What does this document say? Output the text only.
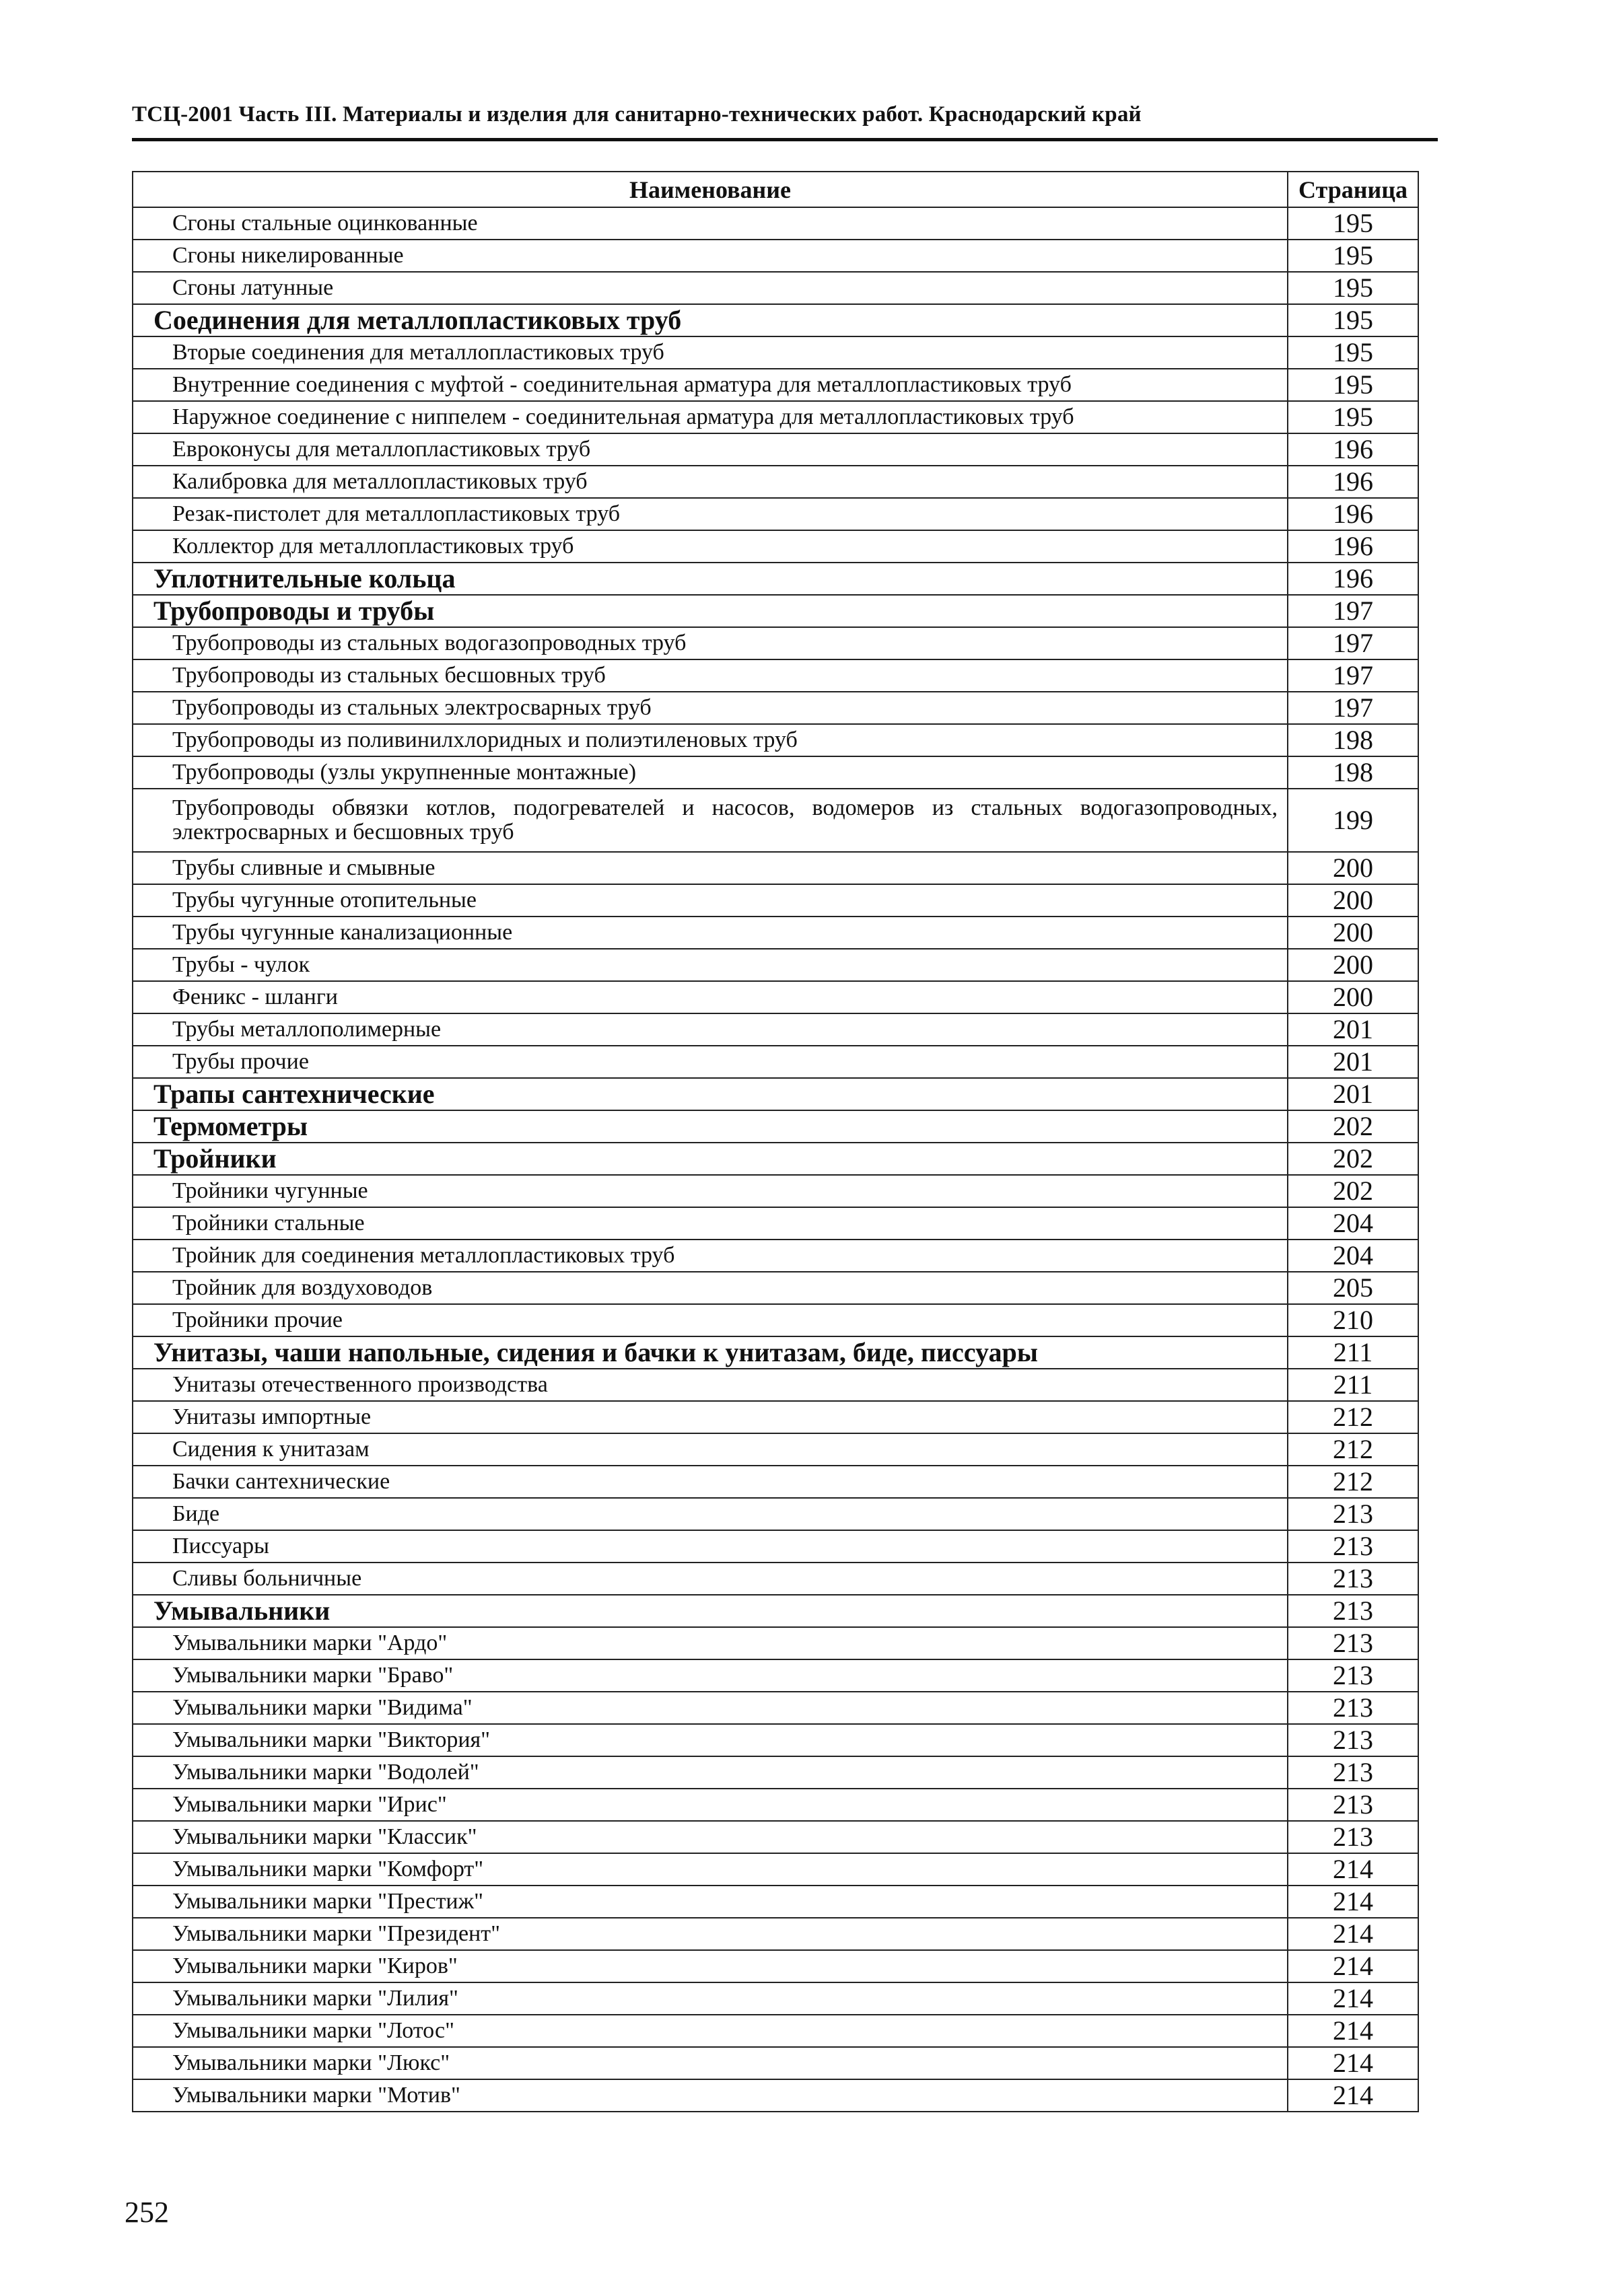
ТСЦ-2001 Часть III. Материалы и изделия для санитарно-технических работ. Краснодарский край
Наименование	Страница
Сгоны стальные оцинкованные	195
Сгоны никелированные	195
Сгоны латунные	195
Соединения для металлопластиковых труб	195
Вторые соединения для металлопластиковых труб	195
Внутренние соединения с муфтой - соединительная арматура для металлопластиковых труб	195
Наружное соединение с ниппелем - соединительная арматура для металлопластиковых труб	195
Евроконусы для металлопластиковых труб	196
Калибровка для металлопластиковых труб	196
Резак-пистолет для металлопластиковых труб	196
Коллектор для металлопластиковых труб	196
Уплотнительные кольца	196
Трубопроводы и трубы	197
Трубопроводы из стальных водогазопроводных труб	197
Трубопроводы из стальных бесшовных труб	197
Трубопроводы из стальных электросварных труб	197
Трубопроводы из поливинилхлоридных и полиэтиленовых труб	198
Трубопроводы (узлы укрупненные монтажные)	198
Трубопроводы обвязки котлов, подогревателей и насосов, водомеров из стальных водогазопроводных, электросварных и бесшовных труб	199
Трубы сливные и смывные	200
Трубы чугунные отопительные	200
Трубы чугунные канализационные	200
Трубы - чулок	200
Феникс - шланги	200
Трубы металлополимерные	201
Трубы прочие	201
Трапы сантехнические	201
Термометры	202
Тройники	202
Тройники чугунные	202
Тройники стальные	204
Тройник для соединения металлопластиковых труб	204
Тройник для воздуховодов	205
Тройники прочие	210
Унитазы, чаши напольные, сидения и бачки к унитазам, биде, писсуары	211
Унитазы отечественного производства	211
Унитазы импортные	212
Сидения к унитазам	212
Бачки сантехнические	212
Биде	213
Писсуары	213
Сливы больничные	213
Умывальники	213
Умывальники марки "Ардо"	213
Умывальники марки "Браво"	213
Умывальники марки "Видима"	213
Умывальники марки "Виктория"	213
Умывальники марки "Водолей"	213
Умывальники марки "Ирис"	213
Умывальники марки "Классик"	213
Умывальники марки "Комфорт"	214
Умывальники марки "Престиж"	214
Умывальники марки "Президент"	214
Умывальники марки "Киров"	214
Умывальники марки "Лилия"	214
Умывальники марки "Лотос"	214
Умывальники марки "Люкс"	214
Умывальники марки "Мотив"	214
252
